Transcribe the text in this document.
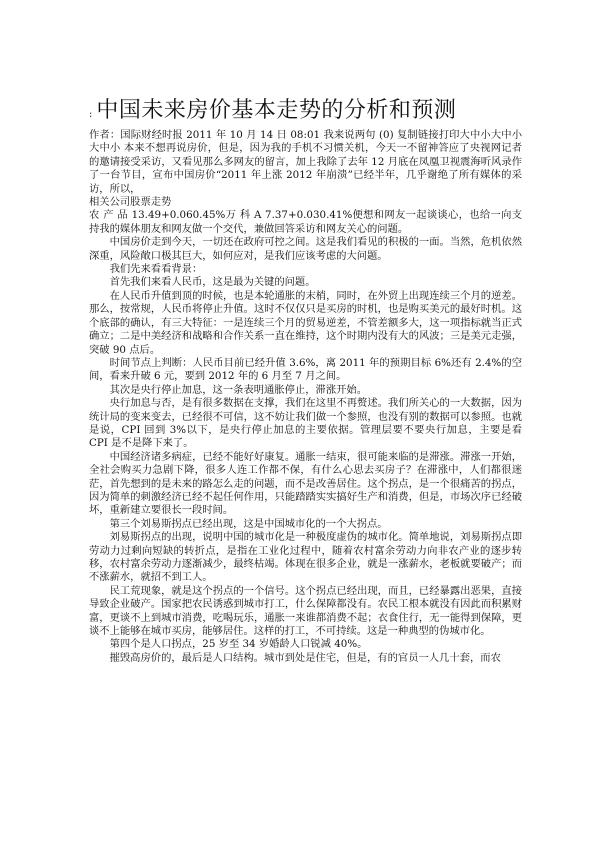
: 中国未来房价基本走势的分析和预测

作者：国际财经时报 2011 年 10 月 14 日 08:01 我来说两句 (0) 复制链接打印大中小大中小大中小 本来不想再说房价，但是，因为我的手机不习惯关机，今天一不留神答应了央视网记者的邀请接受采访，又看见那么多网友的留言，加上我除了去年 12 月底在凤凰卫视震海听风录作了一台节目，宣布中国房价“2011 年上涨 2012 年崩溃”已经半年，几乎谢绝了所有媒体的采访，所以，

相关公司股票走势

农 产 品 13.49+0.060.45%万 科 A 7.37+0.030.41%便想和网友一起谈谈心，也给一向支持我的媒体朋友和网友做一个交代，兼做回答采访和网友关心的问题。

中国房价走到今天，一切还在政府可控之间。这是我们看见的积极的一面。当然，危机依然深重，风险敞口极其巨大，如何应对，是我们应该考虑的大问题。

我们先来看看背景：

首先我们来看人民币，这是最为关键的问题。

在人民币升值到顶的时候，也是本轮通胀的末梢，同时，在外贸上出现连续三个月的逆差。那么，按常规，人民币将停止升值。这时不仅仅只是买房的时机，也是购买美元的最好时机。这个底部的确认，有三大特征：一是连续三个月的贸易逆差，不管差额多大，这一项指标就当正式确立；二是中美经济和战略和合作关系一直在维持，这个时期内没有大的风波；三是美元走强，突破 90 点后。

时间节点上判断：人民币目前已经升值 3.6%，离 2011 年的预期目标 6%还有 2.4%的空间，看来升破 6 元，要到 2012 年的 6 月至 7 月之间。

其次是央行停止加息，这一条表明通胀停止，滞涨开始。

央行加息与否，是有很多数据在支撑，我们在这里不再赘述。我们所关心的一大数据，因为统计局的变来变去，已经很不可信，这不妨让我们做一个参照，也没有别的数据可以参照。也就是说，CPI 回到 3%以下，是央行停止加息的主要依据。管理层要不要央行加息，主要是看 CPI 是不是降下来了。

中国经济诸多病症，已经不能好好康复。通胀一结束，很可能来临的是滞涨。滞涨一开始，全社会购买力急剧下降，很多人连工作都不保，有什么心思去买房子？在滞涨中，人们都很迷茫，首先想到的是未来的路怎么走的问题，而不是改善居住。这个拐点，是一个很痛苦的拐点，因为简单的刺激经济已经不起任何作用，只能踏踏实实搞好生产和消费，但是，市场次序已经破坏，重新建立要很长一段时间。

第三个刘易斯拐点已经出现，这是中国城市化的一个大拐点。

刘易斯拐点的出现，说明中国的城市化是一种极度虚伪的城市化。简单地说，刘易斯拐点即劳动力过剩向短缺的转折点，是指在工业化过程中，随着农村富余劳动力向非农产业的逐步转移，农村富余劳动力逐渐减少，最终枯竭。体现在很多企业，就是一涨薪水，老板就要破产；而不涨薪水，就招不到工人。

民工荒现象，就是这个拐点的一个信号。这个拐点已经出现，而且，已经暴露出恶果，直接导致企业破产。国家把农民诱惑到城市打工，什么保障都没有。农民工根本就没有因此而积累财富，更谈不上到城市消费，吃喝玩乐，通胀一来谁都消费不起；衣食住行，无一能得到保障，更谈不上能够在城市买房，能够居住。这样的打工，不可持续。这是一种典型的伪城市化。

第四个是人口拐点，25 岁至 34 岁婚龄人口锐减 40%。

摧毁高房价的，最后是人口结构。城市到处是住宅，但是，有的官员一人几十套，而农
